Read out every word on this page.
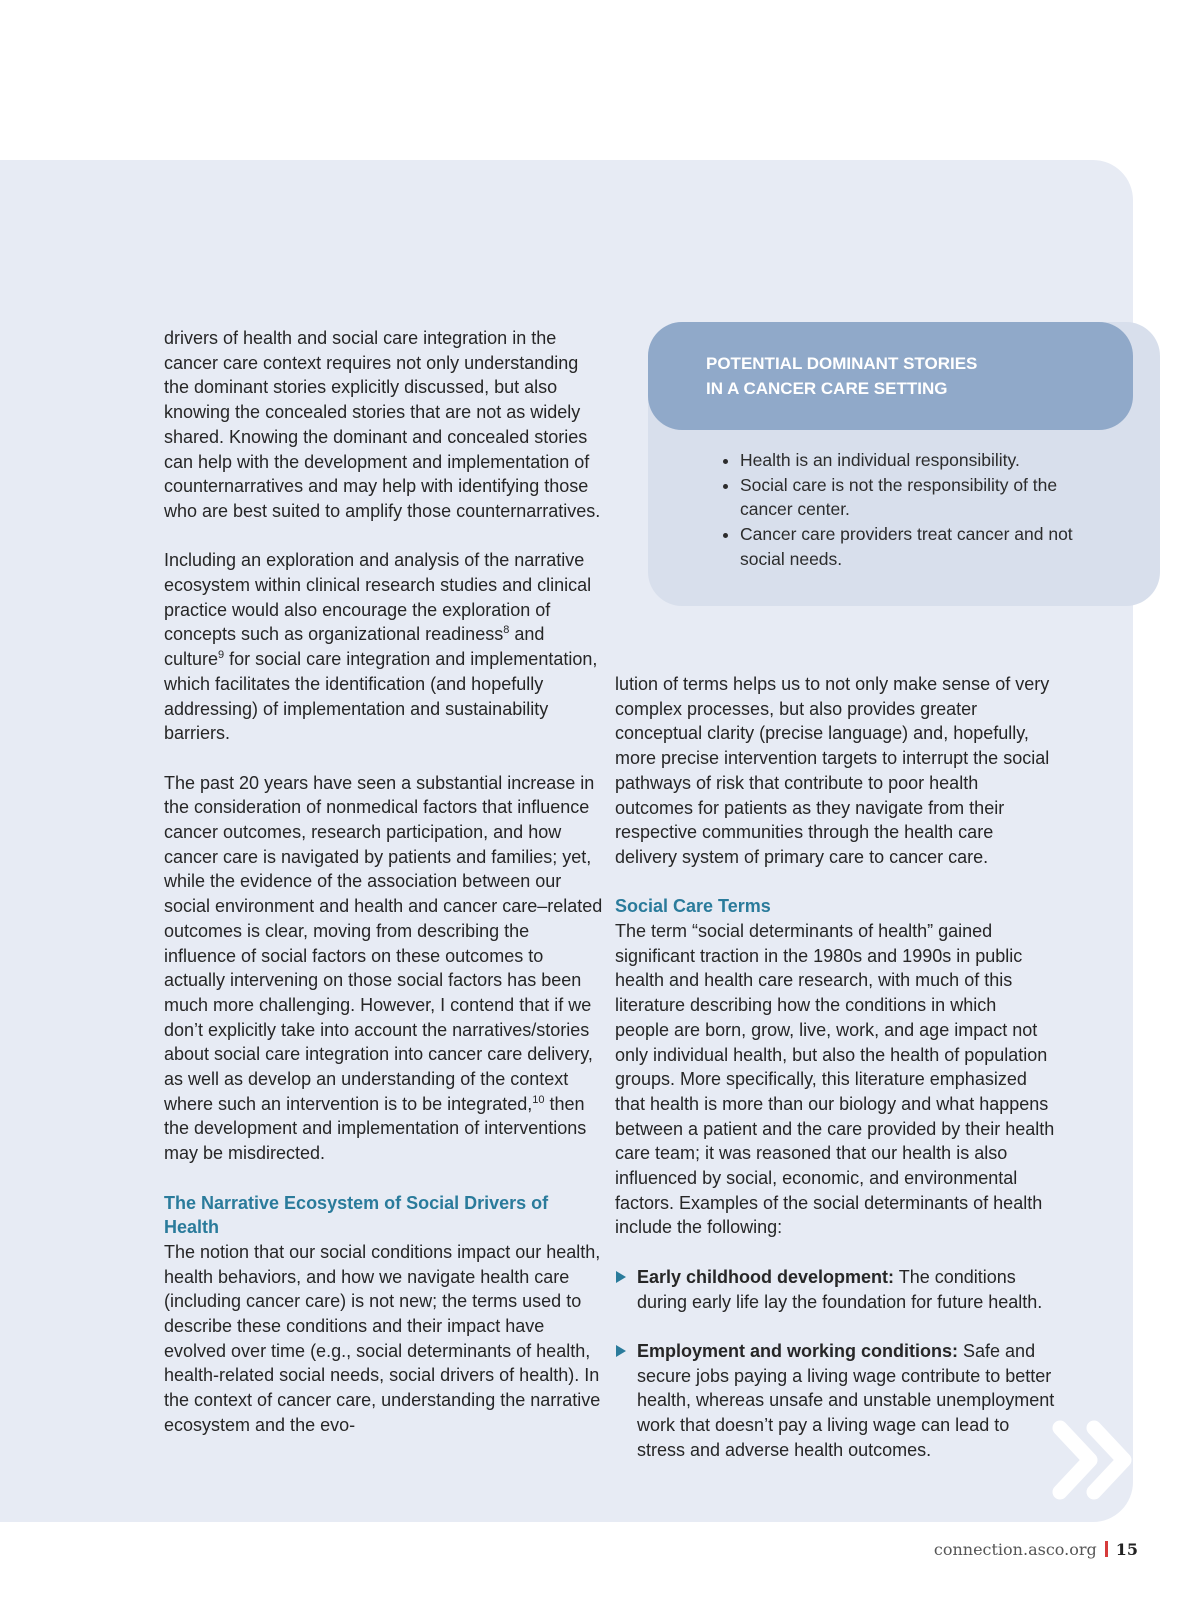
drivers of health and social care integration in the cancer care context requires not only understanding the dominant stories explicitly discussed, but also knowing the concealed stories that are not as widely shared. Knowing the dominant and concealed stories can help with the development and implementation of counternarratives and may help with identifying those who are best suited to amplify those counternarratives.

Including an exploration and analysis of the narrative ecosystem within clinical research studies and clinical practice would also encourage the exploration of concepts such as organizational readiness$^8$ and culture$^9$ for social care integration and implementation, which facilitates the identification (and hopefully addressing) of implementation and sustainability barriers.

The past 20 years have seen a substantial increase in the consideration of nonmedical factors that influence cancer outcomes, research participation, and how cancer care is navigated by patients and families; yet, while the evidence of the association between our social environment and health and cancer care–related outcomes is clear, moving from describing the influence of social factors on these outcomes to actually intervening on those social factors has been much more challenging. However, I contend that if we don’t explicitly take into account the narratives/stories about social care integration into cancer care delivery, as well as develop an understanding of the context where such an intervention is to be integrated,$^{10}$ then the development and implementation of interventions may be misdirected.

The Narrative Ecosystem of Social Drivers of Health

The notion that our social conditions impact our health, health behaviors, and how we navigate health care (including cancer care) is not new; the terms used to describe these conditions and their impact have evolved over time (e.g., social determinants of health, health-related social needs, social drivers of health). In the context of cancer care, understanding the narrative ecosystem and the evo-

POTENTIAL DOMINANT STORIES
IN A CANCER CARE SETTING
• Health is an individual responsibility.
• Social care is not the responsibility of the cancer center.
• Cancer care providers treat cancer and not social needs.

lution of terms helps us to not only make sense of very complex processes, but also provides greater conceptual clarity (precise language) and, hopefully, more precise intervention targets to interrupt the social pathways of risk that contribute to poor health outcomes for patients as they navigate from their respective communities through the health care delivery system of primary care to cancer care.

Social Care Terms

The term “social determinants of health” gained significant traction in the 1980s and 1990s in public health and health care research, with much of this literature describing how the conditions in which people are born, grow, live, work, and age impact not only individual health, but also the health of population groups. More specifically, this literature emphasized that health is more than our biology and what happens between a patient and the care provided by their health care team; it was reasoned that our health is also influenced by social, economic, and environmental factors. Examples of the social determinants of health include the following:

Early childhood development: The conditions during early life lay the foundation for future health.
Employment and working conditions: Safe and secure jobs paying a living wage contribute to better health, whereas unsafe and unstable unemployment work that doesn’t pay a living wage can lead to stress and adverse health outcomes.
connection.asco.org 15
